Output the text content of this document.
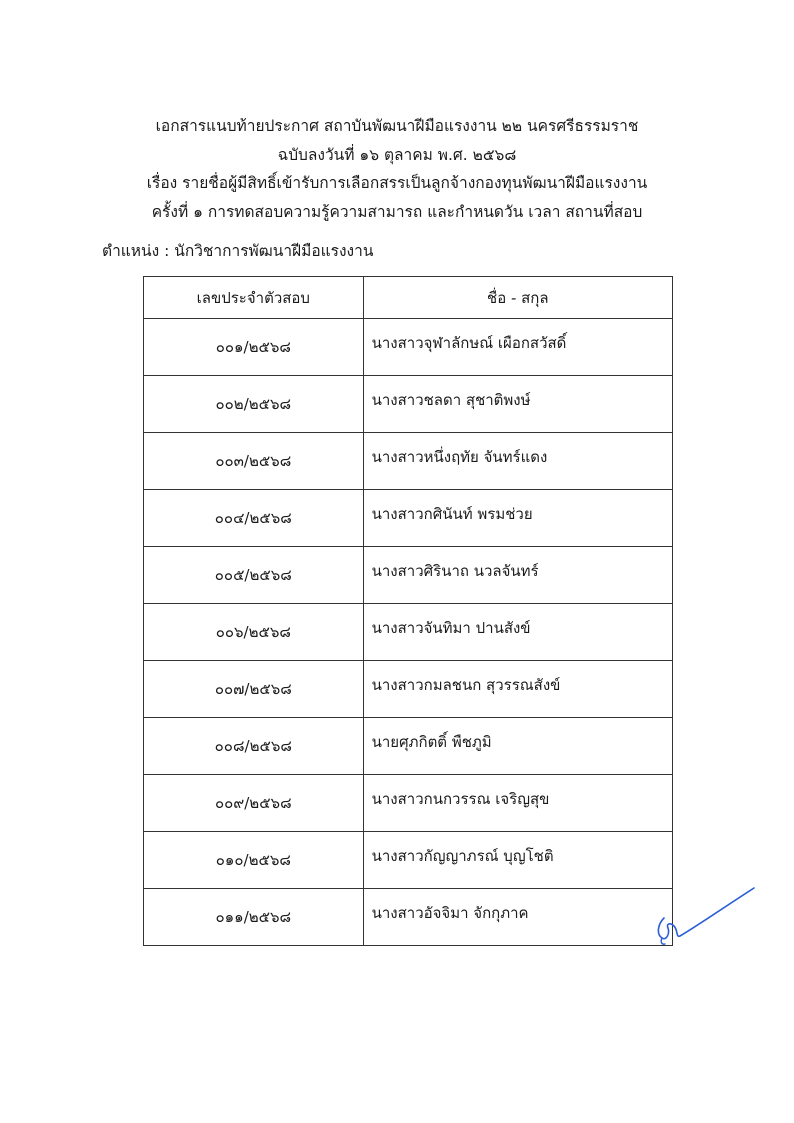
เอกสารแนบท้ายประกาศ สถาบันพัฒนาฝีมือแรงงาน ๒๒ นครศรีธรรมราช
ฉบับลงวันที่ ๑๖ ตุลาคม พ.ศ. ๒๕๖๘
เรื่อง รายชื่อผู้มีสิทธิ์เข้ารับการเลือกสรรเป็นลูกจ้างกองทุนพัฒนาฝีมือแรงงาน
ครั้งที่ ๑ การทดสอบความรู้ความสามารถ และกำหนดวัน เวลา สถานที่สอบ
ตำแหน่ง : นักวิชาการพัฒนาฝีมือแรงงาน
เลขประจำตัวสอบ	ชื่อ - สกุล
๐๐๑/๒๕๖๘	นางสาวจุฬาลักษณ์ เผือกสวัสดิ์
๐๐๒/๒๕๖๘	นางสาวชลดา สุชาติพงษ์
๐๐๓/๒๕๖๘	นางสาวหนึ่งฤทัย จันทร์แดง
๐๐๔/๒๕๖๘	นางสาวกศินันท์ พรมช่วย
๐๐๕/๒๕๖๘	นางสาวศิรินาถ นวลจันทร์
๐๐๖/๒๕๖๘	นางสาวจันทิมา ปานสังข์
๐๐๗/๒๕๖๘	นางสาวกมลชนก สุวรรณสังข์
๐๐๘/๒๕๖๘	นายศุภกิตติ์ พืชภูมิ
๐๐๙/๒๕๖๘	นางสาวกนกวรรณ เจริญสุข
๐๑๐/๒๕๖๘	นางสาวกัญญาภรณ์ บุญโชติ
๐๑๑/๒๕๖๘	นางสาวอัจจิมา จักกุภาค
